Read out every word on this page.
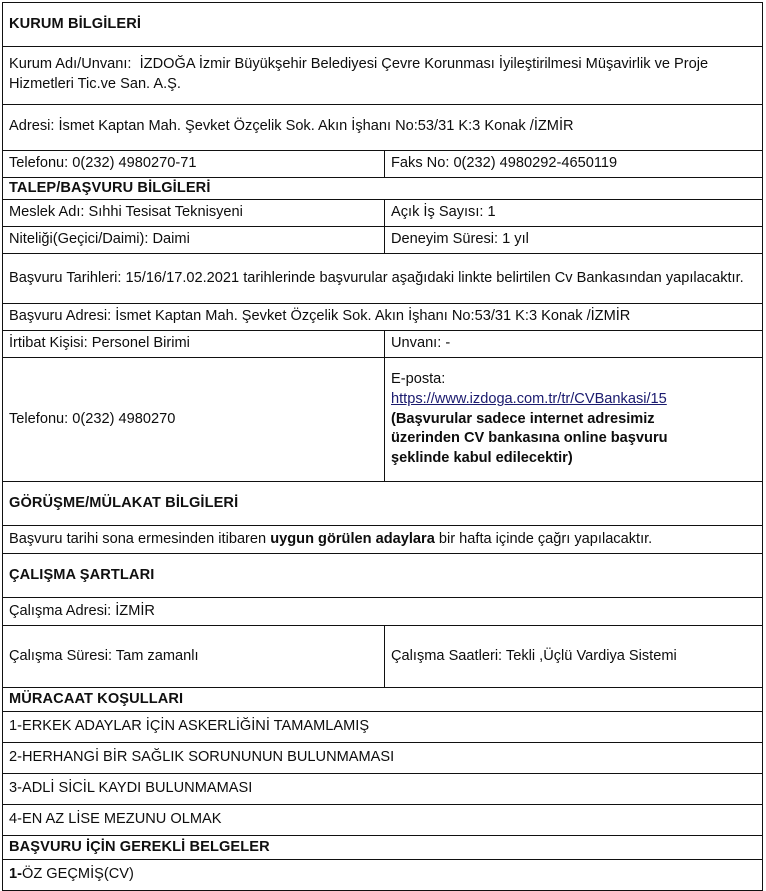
KURUM BİLGİLERİ	

Kurum Adı/Unvanı: İZDOĞA İzmir Büyükşehir Belediyesi Çevre Korunması İyileştirilmesi Müşavirlik ve Proje Hizmetleri Tic.ve San. A.Ş.	
Adresi: İsmet Kaptan Mah. Şevket Özçelik Sok. Akın İşhanı No:53/31 K:3 Konak /İZMİR	
Telefonu: 0(232) 4980270-71	Faks No: 0(232) 4980292-4650119

TALEP/BAŞVURU BİLGİLERİ	

Meslek Adı: Sıhhi Tesisat Teknisyeni	Açık İş Sayısı: 1
Niteliği(Geçici/Daimi): Daimi	Deneyim Süresi: 1 yıl
Başvuru Tarihleri: 15/16/17.02.2021 tarihlerinde başvurular aşağıdaki linkte belirtilen Cv Bankasından yapılacaktır.	
Başvuru Adresi: İsmet Kaptan Mah. Şevket Özçelik Sok. Akın İşhanı No:53/31 K:3 Konak /İZMİR	
İrtibat Kişisi: Personel Birimi	Unvanı: -
Telefonu: 0(232) 4980270	E-posta:
https://www.izdoga.com.tr/tr/CVBankasi/15
(Başvurular sadece internet adresimiz
üzerinden CV bankasına online başvuru
şeklinde kabul edilecektir)

GÖRÜŞME/MÜLAKAT BİLGİLERİ	

Başvuru tarihi sona ermesinden itibaren uygun görülen adaylara bir hafta içinde çağrı yapılacaktır.	

ÇALIŞMA ŞARTLARI	

Çalışma Adresi: İZMİR	
Çalışma Süresi: Tam zamanlı	Çalışma Saatleri: Tekli ,Üçlü Vardiya Sistemi

MÜRACAAT KOŞULLARI	

1-ERKEK ADAYLAR İÇİN ASKERLİĞİNİ TAMAMLAMIŞ	
2-HERHANGİ BİR SAĞLIK SORUNUNUN BULUNMAMASI	
3-ADLİ SİCİL KAYDI BULUNMAMASI	
4-EN AZ LİSE MEZUNU OLMAK	

BAŞVURU İÇİN GEREKLİ BELGELER	

1-ÖZ GEÇMİŞ(CV)	
